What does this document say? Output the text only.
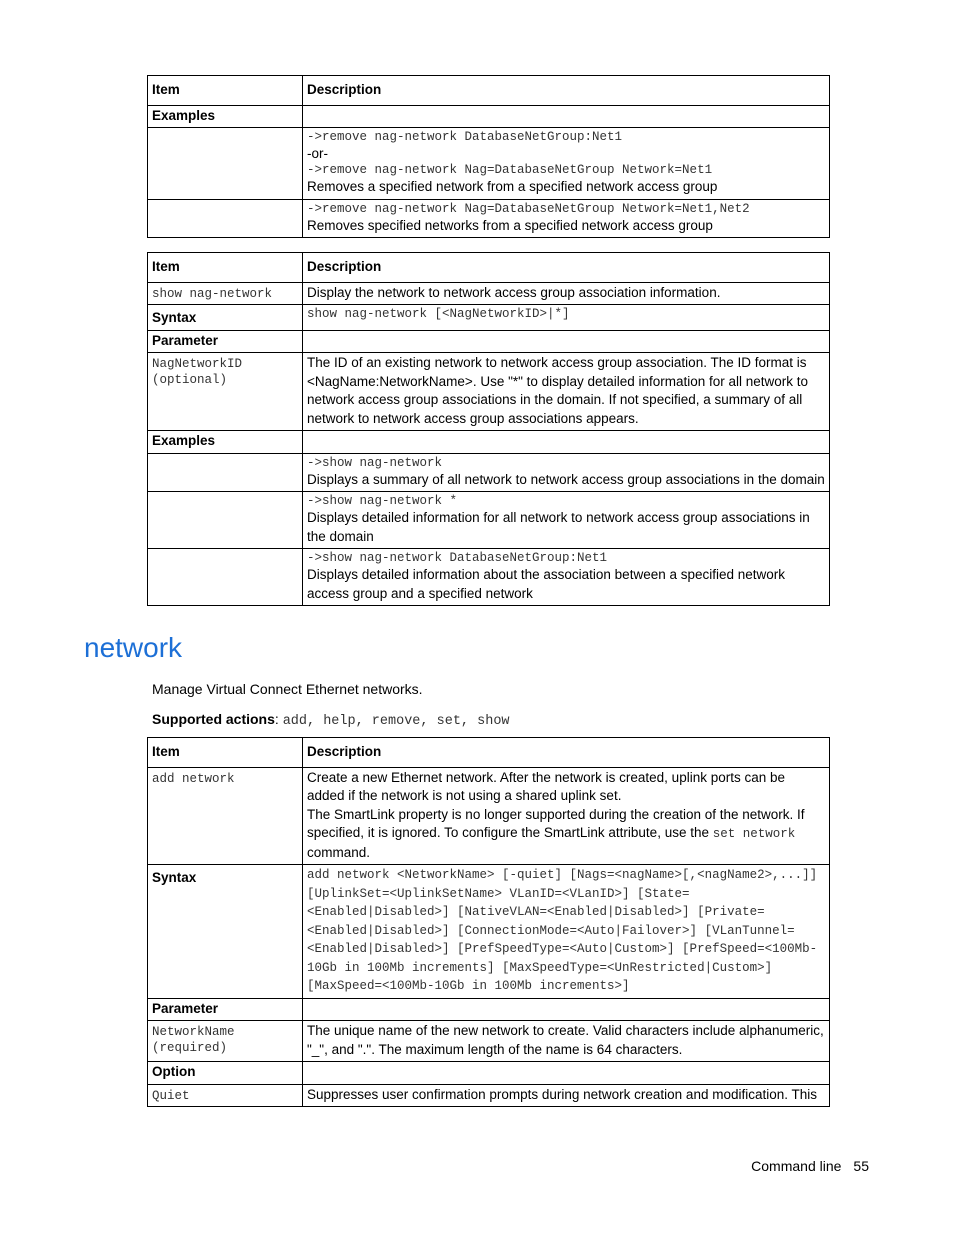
Item	Description
Examples	

	->remove nag-network DatabaseNetGroup:Net1
-or-
->remove nag-network Nag=DatabaseNetGroup Network=Net1
Removes a specified network from a specified network access group

	->remove nag-network Nag=DatabaseNetGroup Network=Net1,Net2
Removes specified networks from a specified network access group
Item	Description

show nag-network	Display the network to network access group association information.
Syntax	show nag-network [<NagNetworkID>|*]

Parameter	

NagNetworkID
(optional)	The ID of an existing network to network access group association. The ID format is <NagName:NetworkName>. Use "*" to display detailed information for all network to network access group associations in the domain. If not specified, a summary of all network to network access group associations appears.
Examples	

	->show nag-network
Displays a summary of all network to network access group associations in the domain

	->show nag-network *
Displays detailed information for all network to network access group associations in the domain

	->show nag-network DatabaseNetGroup:Net1
Displays detailed information about the association between a specified network access group and a specified network
network
Manage Virtual Connect Ethernet networks.
Supported actions: add, help, remove, set, show
Item	Description

add network	Create a new Ethernet network. After the network is created, uplink ports can be added if the network is not using a shared uplink set.
The SmartLink property is no longer supported during the creation of the network. If specified, it is ignored. To configure the SmartLink attribute, use the set network command.

Syntax	add network <NetworkName> [-quiet] [Nags=<nagName>[,<nagName2>,...]] [UplinkSet=<UplinkSetName> VLanID=<VLanID>] [State=<Enabled|Disabled>] [NativeVLAN=<Enabled|Disabled>] [Private=<Enabled|Disabled>] [ConnectionMode=<Auto|Failover>] [VLanTunnel=<Enabled|Disabled>] [PrefSpeedType=<Auto|Custom>] [PrefSpeed=<100Mb-10Gb in 100Mb increments] [MaxSpeedType=<UnRestricted|Custom>] [MaxSpeed=<100Mb-10Gb in 100Mb increments>]
Parameter	

NetworkName
(required)	The unique name of the new network to create. Valid characters include alphanumeric, "_", and ".". The maximum length of the name is 64 characters.
Option	

Quiet	Suppresses user confirmation prompts during network creation and modification. This
Command line 55
